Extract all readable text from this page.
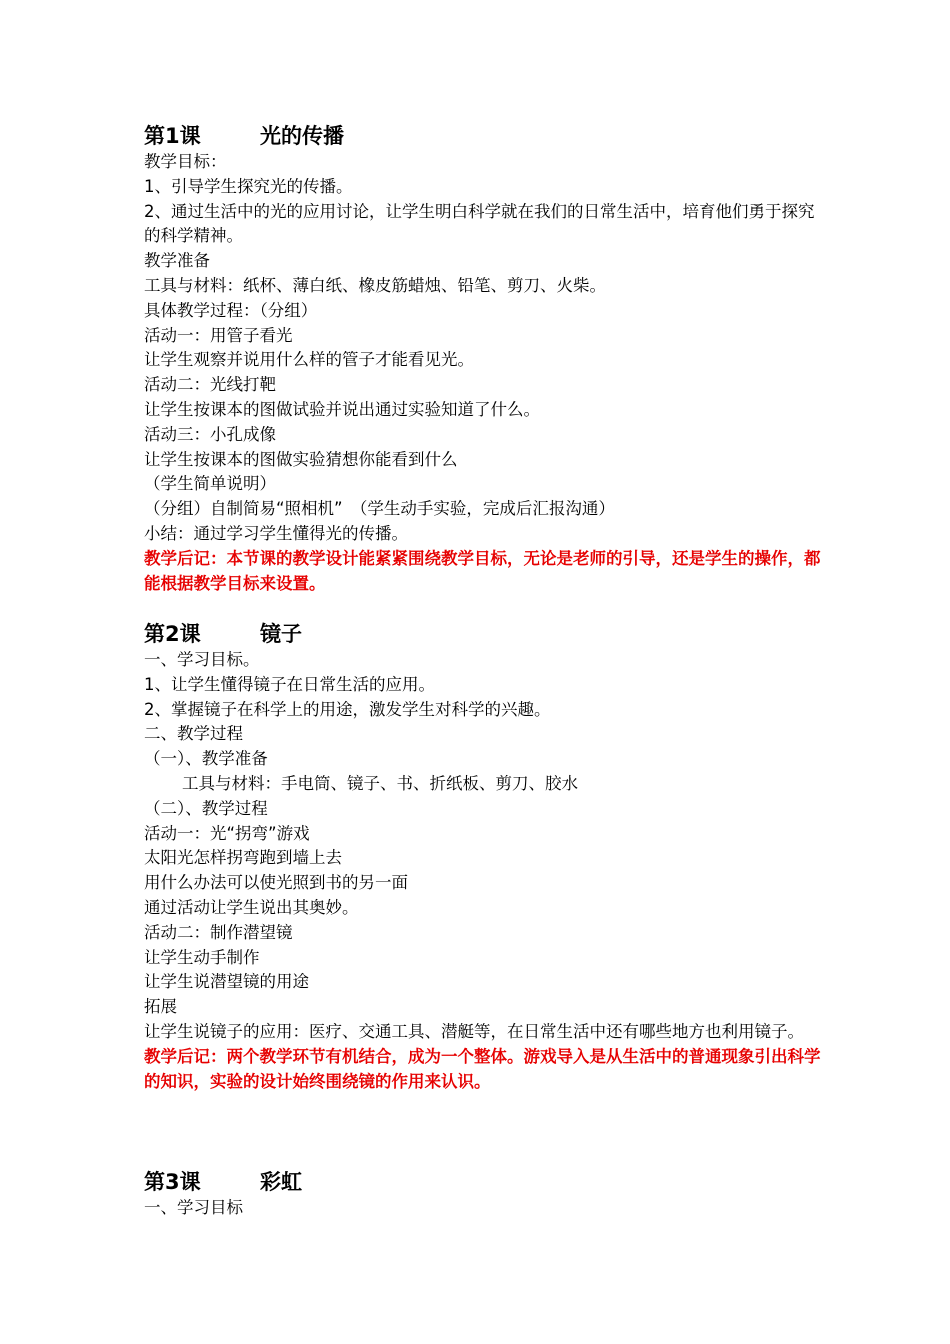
第1课	光的传播
教学目标：
1、引导学生探究光的传播。
2、通过生活中的光的应用讨论，让学生明白科学就在我们的日常生活中，培育他们勇于探究的科学精神。
教学准备
工具与材料：纸杯、薄白纸、橡皮筋蜡烛、铅笔、剪刀、火柴。
具体教学过程：（分组）
活动一：用管子看光
让学生观察并说用什么样的管子才能看见光。
活动二：光线打靶
让学生按课本的图做试验并说出通过实验知道了什么。
活动三：小孔成像
让学生按课本的图做实验猜想你能看到什么
（学生简单说明）
（分组）自制简易“照相机”　（学生动手实验，完成后汇报沟通）
小结：通过学习学生懂得光的传播。
教学后记：本节课的教学设计能紧紧围绕教学目标，无论是老师的引导，还是学生的操作，都能根据教学目标来设置。
第2课	镜子
一、学习目标。
1、让学生懂得镜子在日常生活的应用。
2、掌握镜子在科学上的用途，激发学生对科学的兴趣。
二、教学过程
（一）、教学准备
工具与材料：手电筒、镜子、书、折纸板、剪刀、胶水
（二）、教学过程
活动一：光“拐弯”游戏
太阳光怎样拐弯跑到墙上去
用什么办法可以使光照到书的另一面
通过活动让学生说出其奥妙。
活动二：制作潜望镜
让学生动手制作
让学生说潜望镜的用途
拓展
让学生说镜子的应用：医疗、交通工具、潜艇等，在日常生活中还有哪些地方也利用镜子。
教学后记：两个教学环节有机结合，成为一个整体。游戏导入是从生活中的普通现象引出科学的知识，实验的设计始终围绕镜的作用来认识。
第3课	彩虹
一、学习目标
